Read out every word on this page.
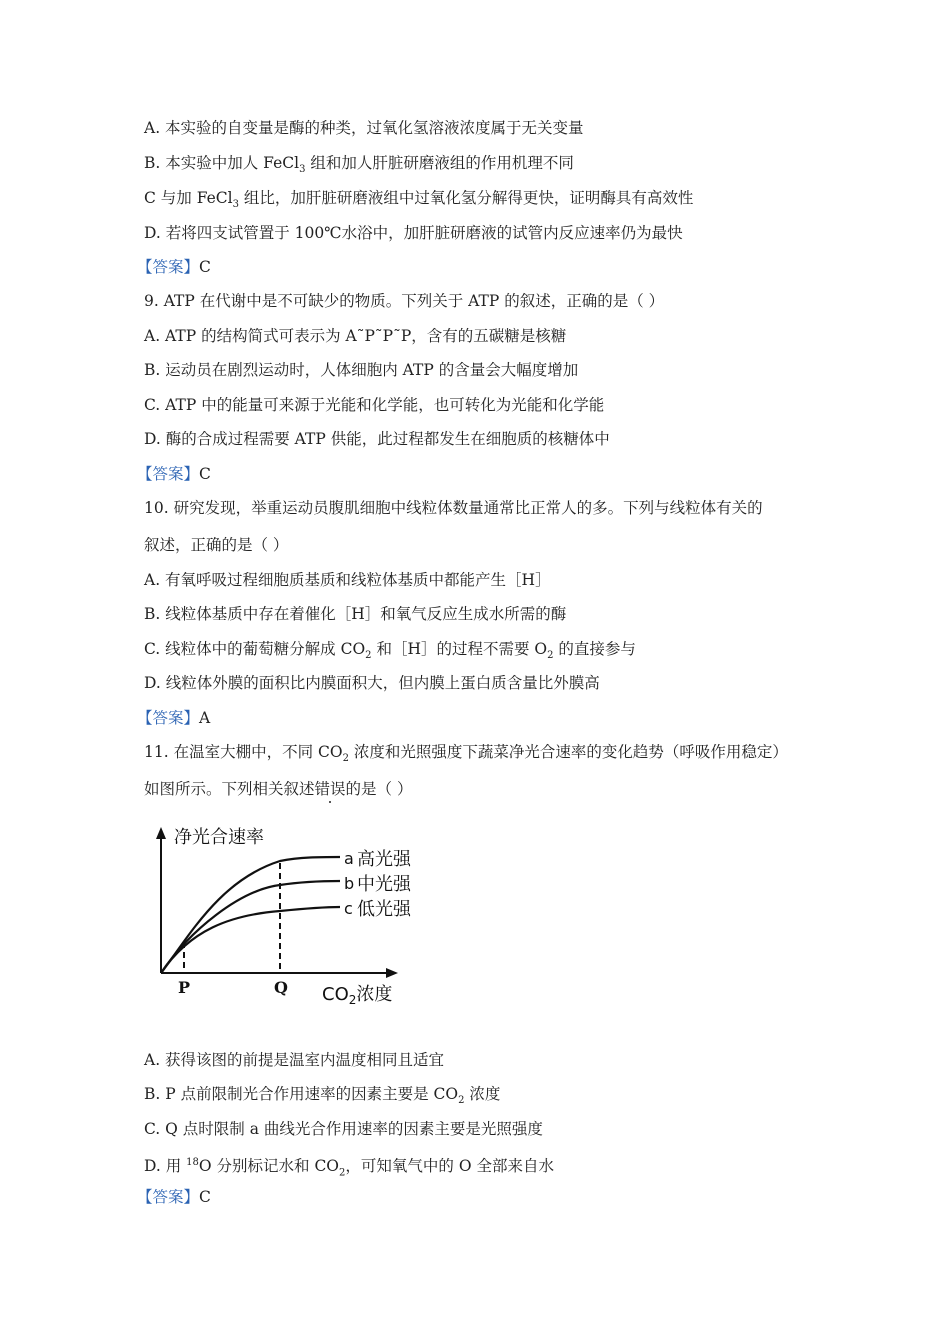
A. 本实验的自变量是酶的种类，过氧化氢溶液浓度属于无关变量
B. 本实验中加人 FeCl$_3$ 组和加人肝脏研磨液组的作用机理不同
C 与加 FeCl$_3$ 组比，加肝脏研磨液组中过氧化氢分解得更快，证明酶具有高效性
D. 若将四支试管置于 100℃水浴中，加肝脏研磨液的试管内反应速率仍为最快
【答案】C
9. ATP 在代谢中是不可缺少的物质。下列关于 ATP 的叙述，正确的是（ ）
A. ATP 的结构简式可表示为 A˜P˜P˜P，含有的五碳糖是核糖
B. 运动员在剧烈运动时，人体细胞内 ATP 的含量会大幅度增加
C. ATP 中的能量可来源于光能和化学能，也可转化为光能和化学能
D. 酶的合成过程需要 ATP 供能，此过程都发生在细胞质的核糖体中
【答案】C
10. 研究发现，举重运动员腹肌细胞中线粒体数量通常比正常人的多。下列与线粒体有关的
叙述，正确的是（ ）
A. 有氧呼吸过程细胞质基质和线粒体基质中都能产生［H］
B. 线粒体基质中存在着催化［H］和氧气反应生成水所需的酶
C. 线粒体中的葡萄糖分解成 $CO_2$ 和［H］的过程不需要 $O_2$ 的直接参与
D. 线粒体外膜的面积比内膜面积大，但内膜上蛋白质含量比外膜高
【答案】A
11. 在温室大棚中，不同 $CO_2$ 浓度和光照强度下蔬菜净光合速率的变化趋势（呼吸作用稳定）
如图所示。下列相关叙述错误的是（ ）
净光合速率
a 高光强
b 中光强
c 低光强
P	Q $CO_2$浓度
A. 获得该图的前提是温室内温度相同且适宜
B. P 点前限制光合作用速率的因素主要是 $CO_2$ 浓度
C. Q 点时限制 a 曲线光合作用速率的因素主要是光照强度
D. 用 $^{18}$O 分别标记水和 $CO_2$，可知氧气中的 O 全部来自水
【答案】C
